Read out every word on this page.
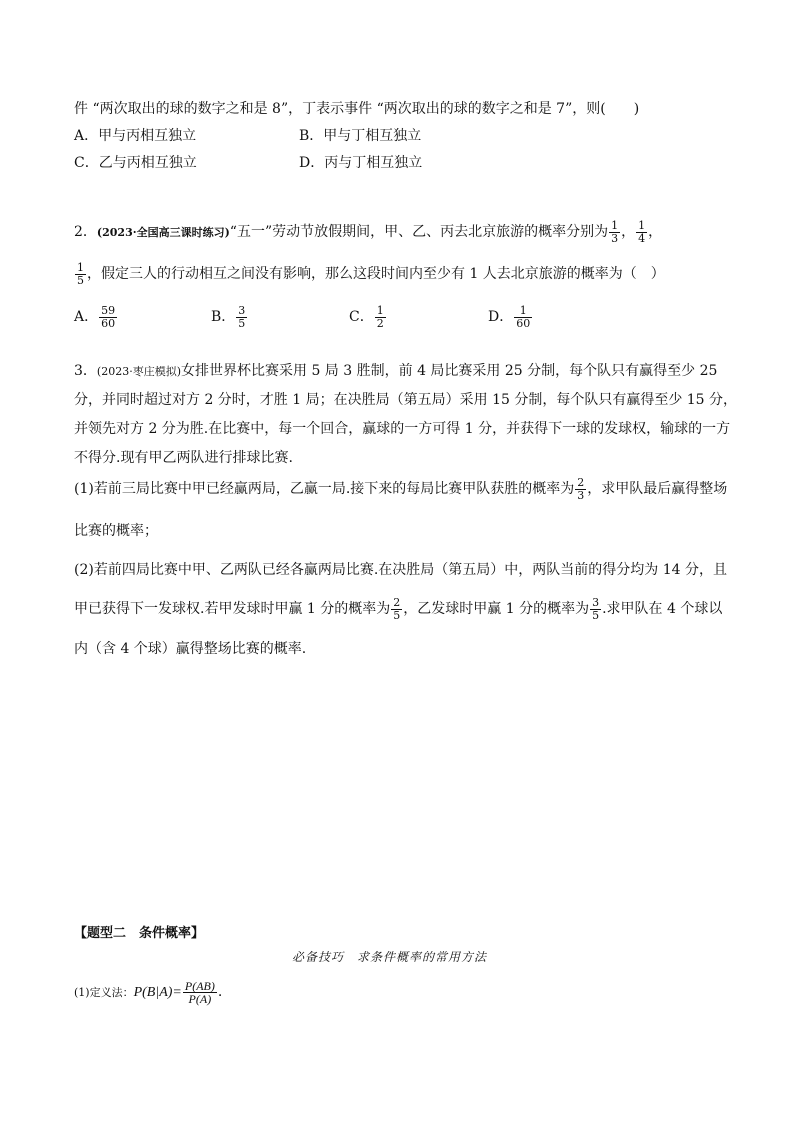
件 “两次取出的球的数字之和是 8”，丁表示事件 “两次取出的球的数字之和是 7”，则(　　)
A．甲与丙相互独立	B．甲与丁相互独立
C．乙与丙相互独立	D．丙与丁相互独立
2．(2023·全国高三课时练习)“五一”劳动节放假期间，甲、乙、丙去北京旅游的概率分别为 $\frac{1}{3}$ ， $\frac{1}{4}$ ，
$\frac{1}{5}$ ，假定三人的行动相互之间没有影响，那么这段时间内至少有 1 人去北京旅游的概率为（　）
A． $\frac{59}{60}$	B． $\frac{3}{5}$	C． $\frac{1}{2}$	D． $\frac{1}{60}$
3．(2023·枣庄模拟)女排世界杯比赛采用 5 局 3 胜制，前 4 局比赛采用 25 分制，每个队只有赢得至少 25
分，并同时超过对方 2 分时，才胜 1 局；在决胜局（第五局）采用 15 分制，每个队只有赢得至少 15 分，
并领先对方 2 分为胜.在比赛中，每一个回合，赢球的一方可得 1 分，并获得下一球的发球权，输球的一方
不得分.现有甲乙两队进行排球比赛.
(1)若前三局比赛中甲已经赢两局，乙赢一局.接下来的每局比赛甲队获胜的概率为 $\frac{2}{3}$ ，求甲队最后赢得整场
比赛的概率；
(2)若前四局比赛中甲、乙两队已经各赢两局比赛.在决胜局（第五局）中，两队当前的得分均为 14 分，且
甲已获得下一发球权.若甲发球时甲赢 1 分的概率为 $\frac{2}{5}$ ，乙发球时甲赢 1 分的概率为 $\frac{3}{5}$ .求甲队在 4 个球以
内（含 4 个球）赢得整场比赛的概率.
【题型二　条件概率】
必备技巧　求条件概率的常用方法
(1)定义法：$P(B|A)= \frac{P(AB)}{P(A)}$ .
